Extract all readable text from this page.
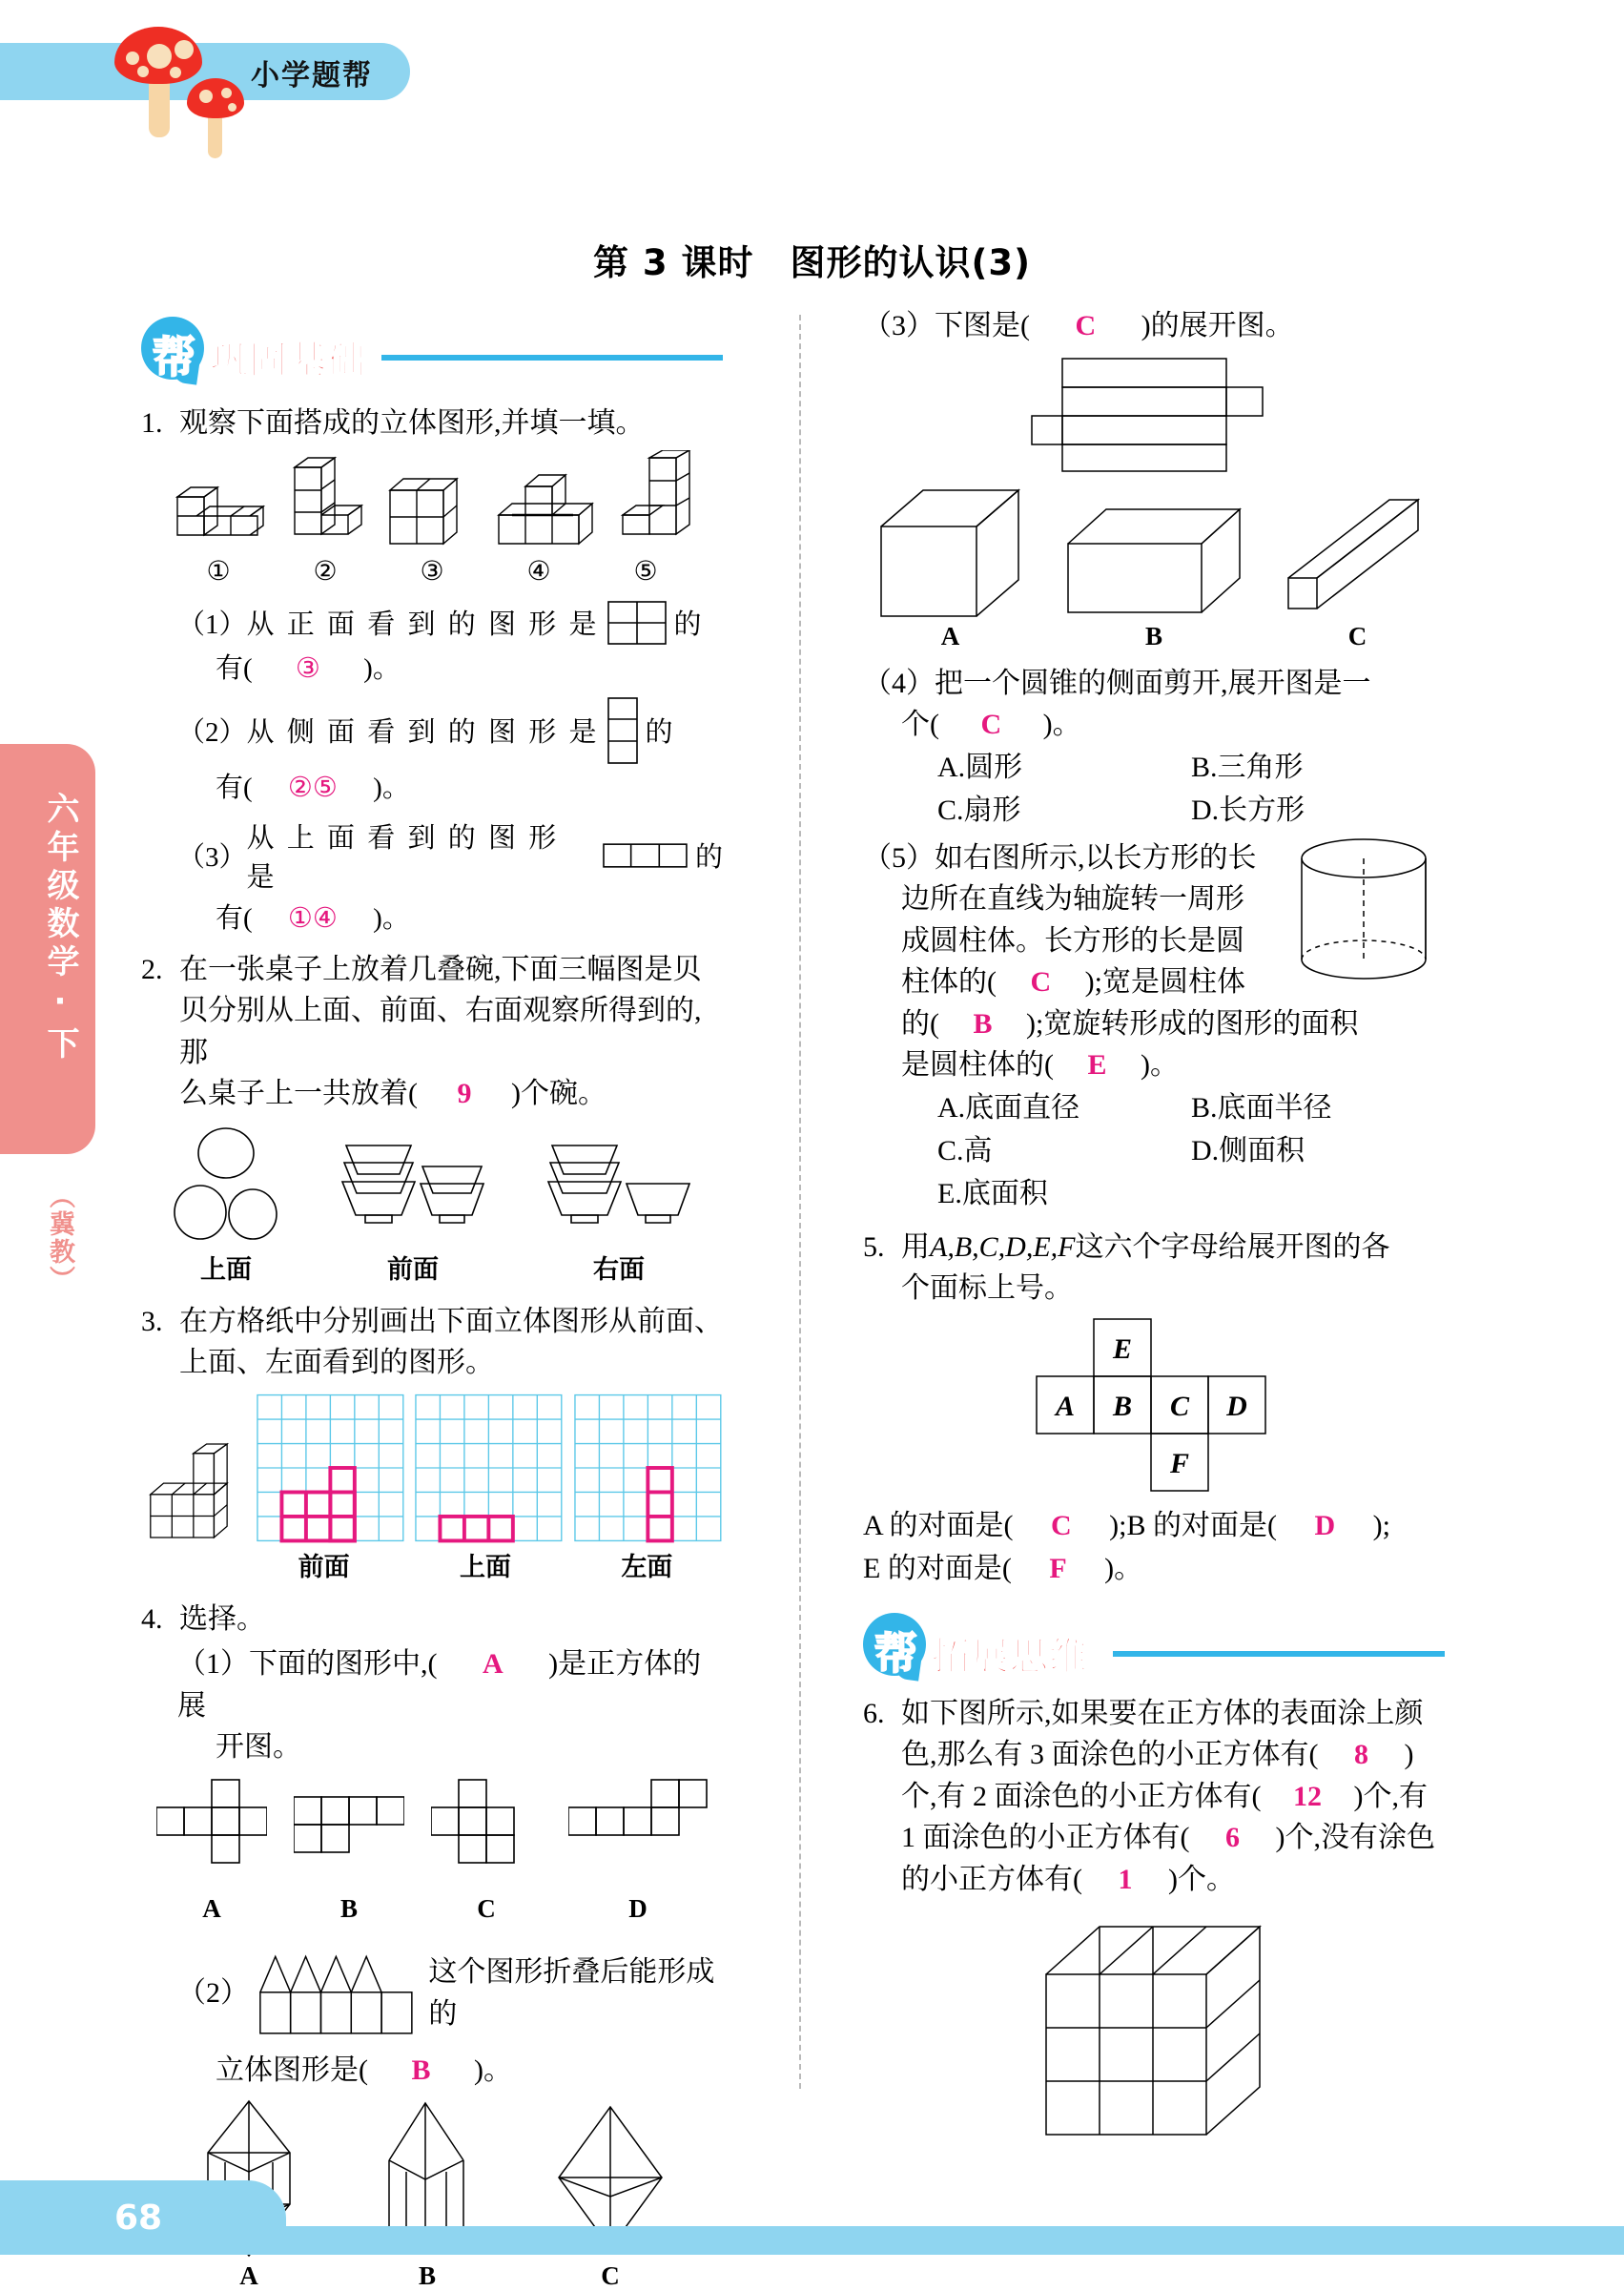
小学题帮
六年级数学·下
（冀教）
第 3 课时　图形的认识(3)
帮 巩固基础
1. 观察下面搭成的立体图形,并填一填。
①	②	③	④	⑤
（1） 从 正 面 看 到 的 图 形 是	的
有( ③ )。
（2） 从 侧 面 看 到 的 图 形 是 的
有( ②⑤ )。
（3）
从 上 面 看 到 的 图 形 是
的
有( ①④ )。
2. 在一张桌子上放着几叠碗,下面三幅图是贝
贝分别从上面、前面、右面观察所得到的,那
么桌子上一共放着( 9 )个碗。
上面	前面	右面
3. 在方格纸中分别画出下面立体图形从前面、
上面、左面看到的图形。
前面	上面	左面
4. 选择。
（1）下面的图形中,( A )是正方体的展
开图。
A	B	C	D
（2）
这个图形折叠后能形成的
立体图形是( B )。
A	B	C
（3）下图是( C )的展开图。
A	B	C
（4）把一个圆锥的侧面剪开,展开图是一
个( C )。
A.圆形	B.三角形
C.扇形	D.长方形
（5）如右图所示,以长方形的长
边所在直线为轴旋转一周形
成圆柱体。长方形的长是圆
柱体的( C );宽是圆柱体
的( B );宽旋转形成的图形的面积
是圆柱体的( E )。
A.底面直径	B.底面半径
C.高	D.侧面积
E.底面积
5. 用A,B,C,D,E,F这六个字母给展开图的各
个面标上号。
E
A B C D
F
A 的对面是( C );B 的对面是( D );
E 的对面是( F )。
帮 拓展思维
6. 如下图所示,如果要在正方体的表面涂上颜
色,那么有 3 面涂色的小正方体有( 8 )
个,有 2 面涂色的小正方体有( 12 )个,有
1 面涂色的小正方体有( 6 )个,没有涂色
的小正方体有( 1 )个。
68
